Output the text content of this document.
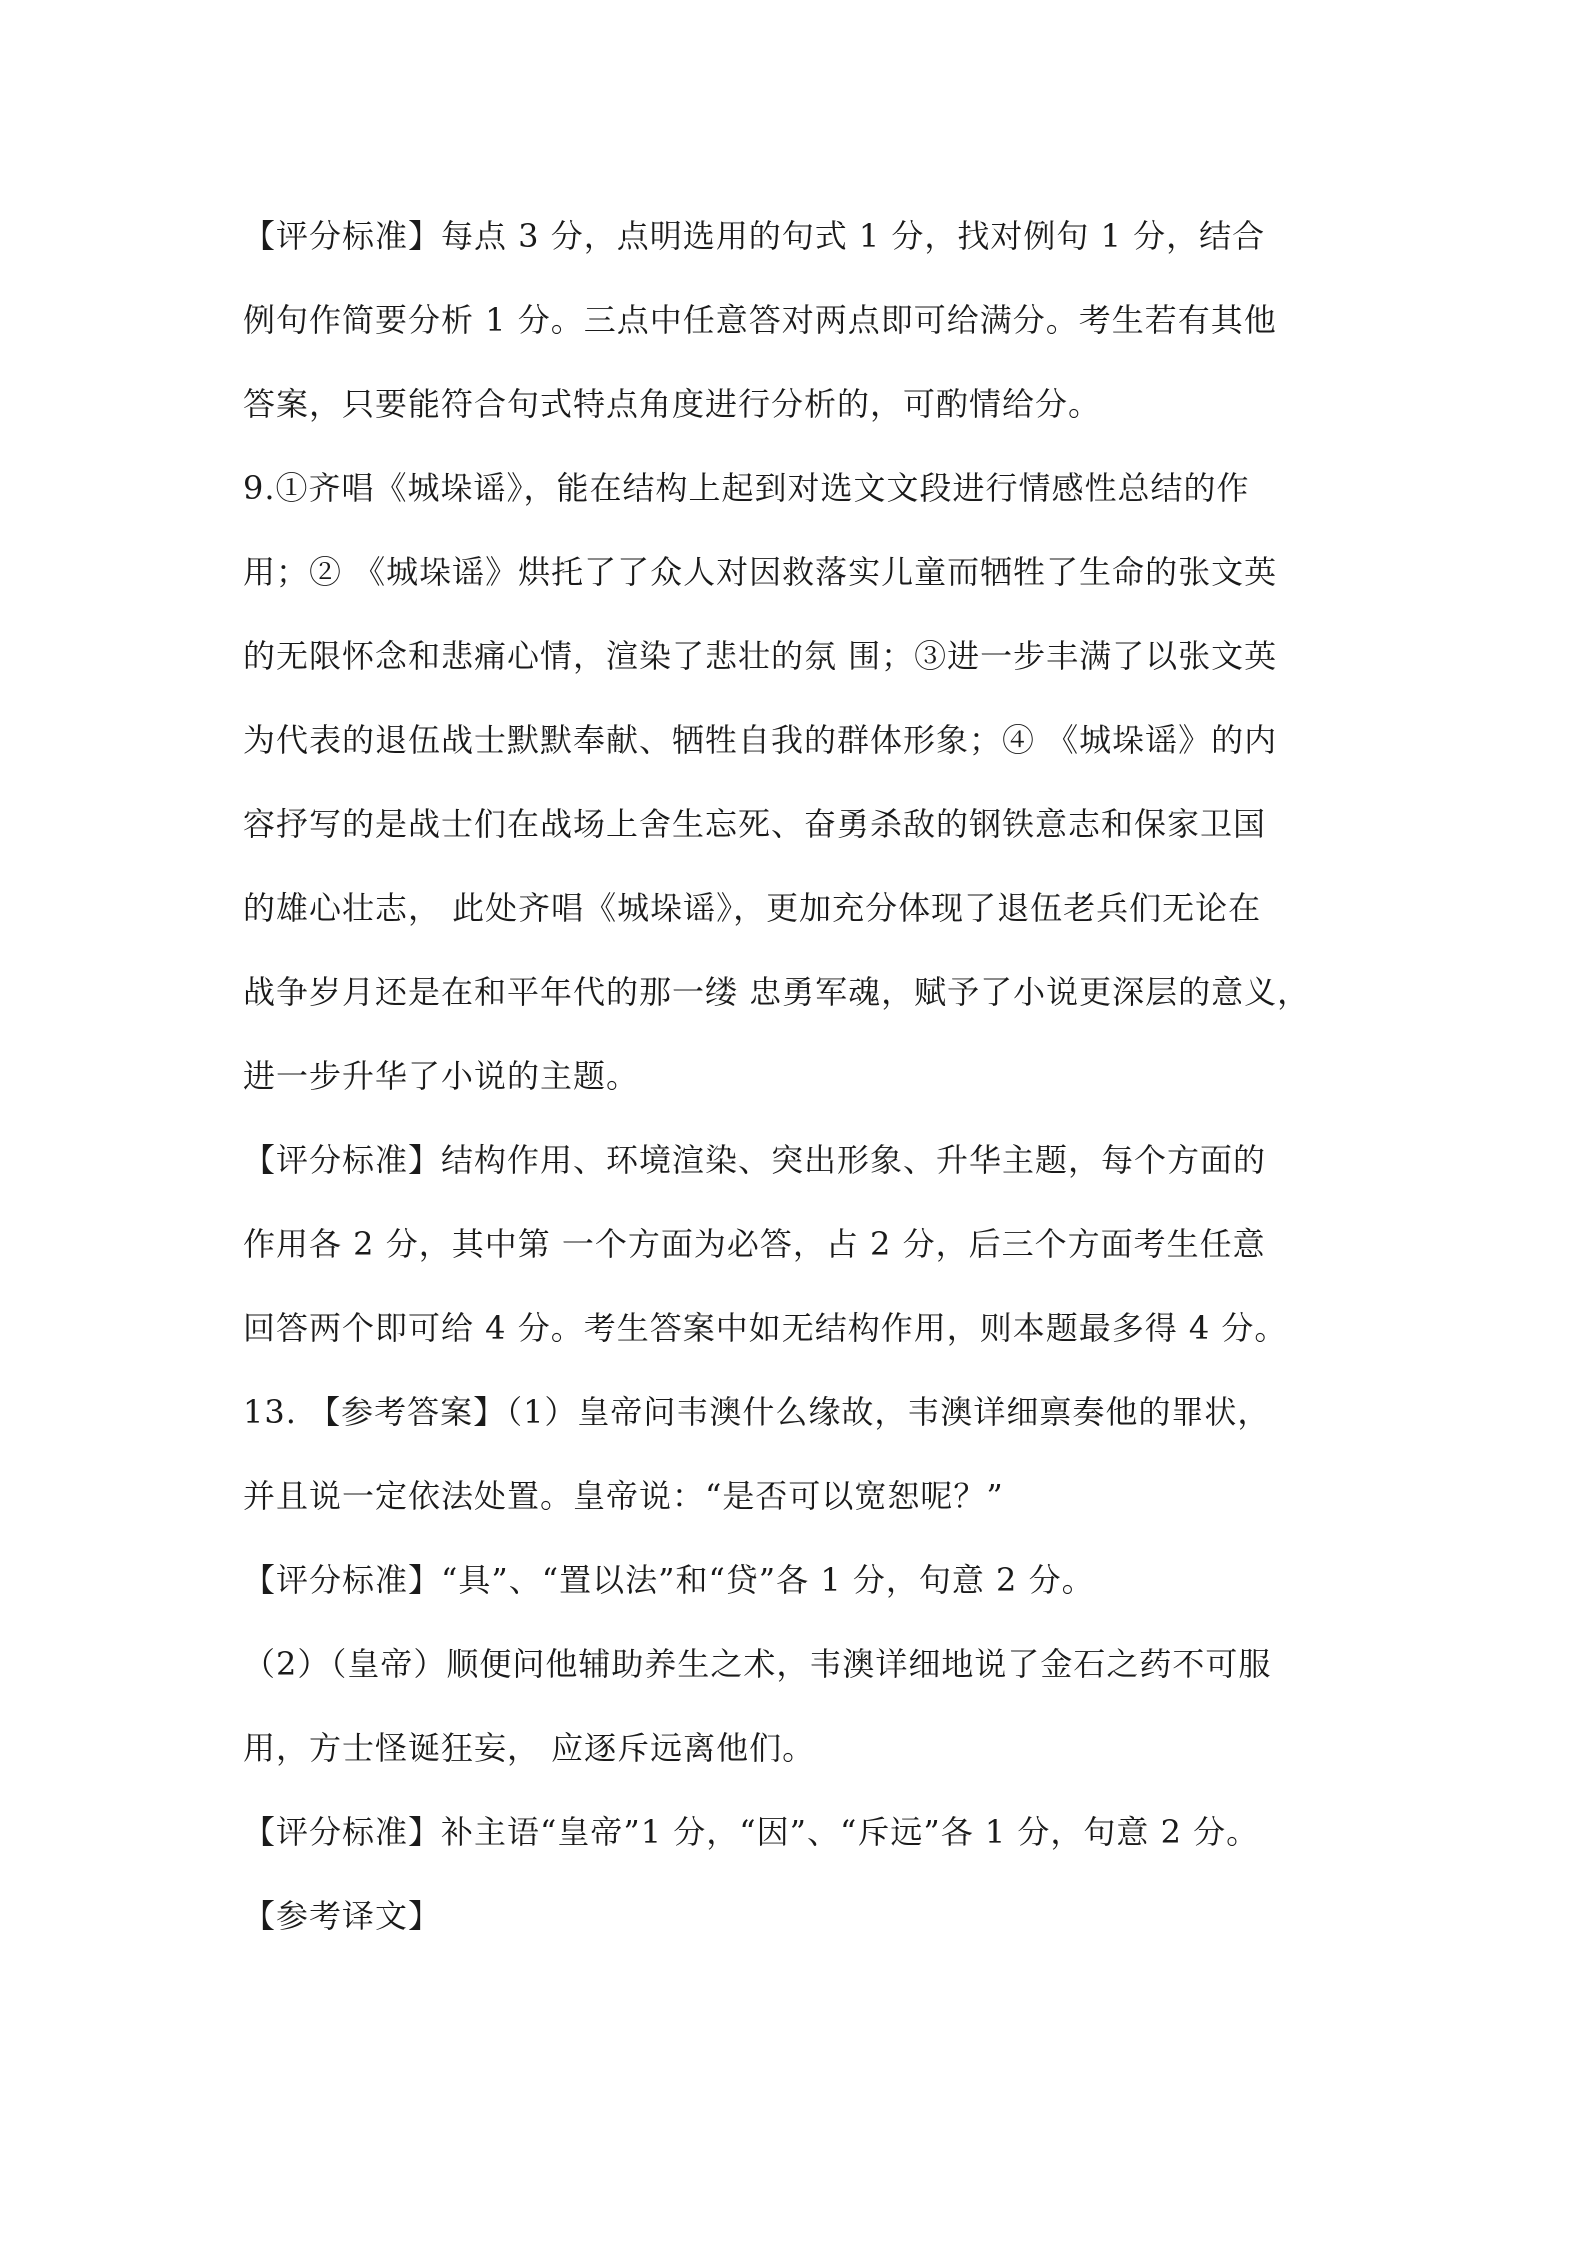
【评分标准】每点 3 分，点明选用的句式 1 分，找对例句 1 分，结合

例句作简要分析 1 分。三点中任意答对两点即可给满分。考生若有其他

答案，只要能符合句式特点角度进行分析的，可酌情给分。

9.①齐唱《城垛谣》，能在结构上起到对选文文段进行情感性总结的作

用；② 《城垛谣》烘托了了众人对因救落实儿童而牺牲了生命的张文英

的无限怀念和悲痛心情，渲染了悲壮的氛 围；③进一步丰满了以张文英

为代表的退伍战士默默奉献、牺牲自我的群体形象；④ 《城垛谣》的内

容抒写的是战士们在战场上舍生忘死、奋勇杀敌的钢铁意志和保家卫国

的雄心壮志， 此处齐唱《城垛谣》，更加充分体现了退伍老兵们无论在

战争岁月还是在和平年代的那一缕 忠勇军魂，赋予了小说更深层的意义，

进一步升华了小说的主题。

【评分标准】结构作用、环境渲染、突出形象、升华主题，每个方面的

作用各 2 分，其中第 一个方面为必答，占 2 分，后三个方面考生任意

回答两个即可给 4 分。考生答案中如无结构作用，则本题最多得 4 分。

13. 【参考答案】（1）皇帝问韦澳什么缘故，韦澳详细禀奏他的罪状，

并且说一定依法处置。皇帝说：“是否可以宽恕呢？”

【评分标准】“具”、“置以法”和“贷”各 1 分，句意 2 分。

（2）（皇帝）顺便问他辅助养生之术，韦澳详细地说了金石之药不可服

用，方士怪诞狂妄， 应逐斥远离他们。

【评分标准】补主语“皇帝”1 分，“因”、“斥远”各 1 分，句意 2 分。

【参考译文】
